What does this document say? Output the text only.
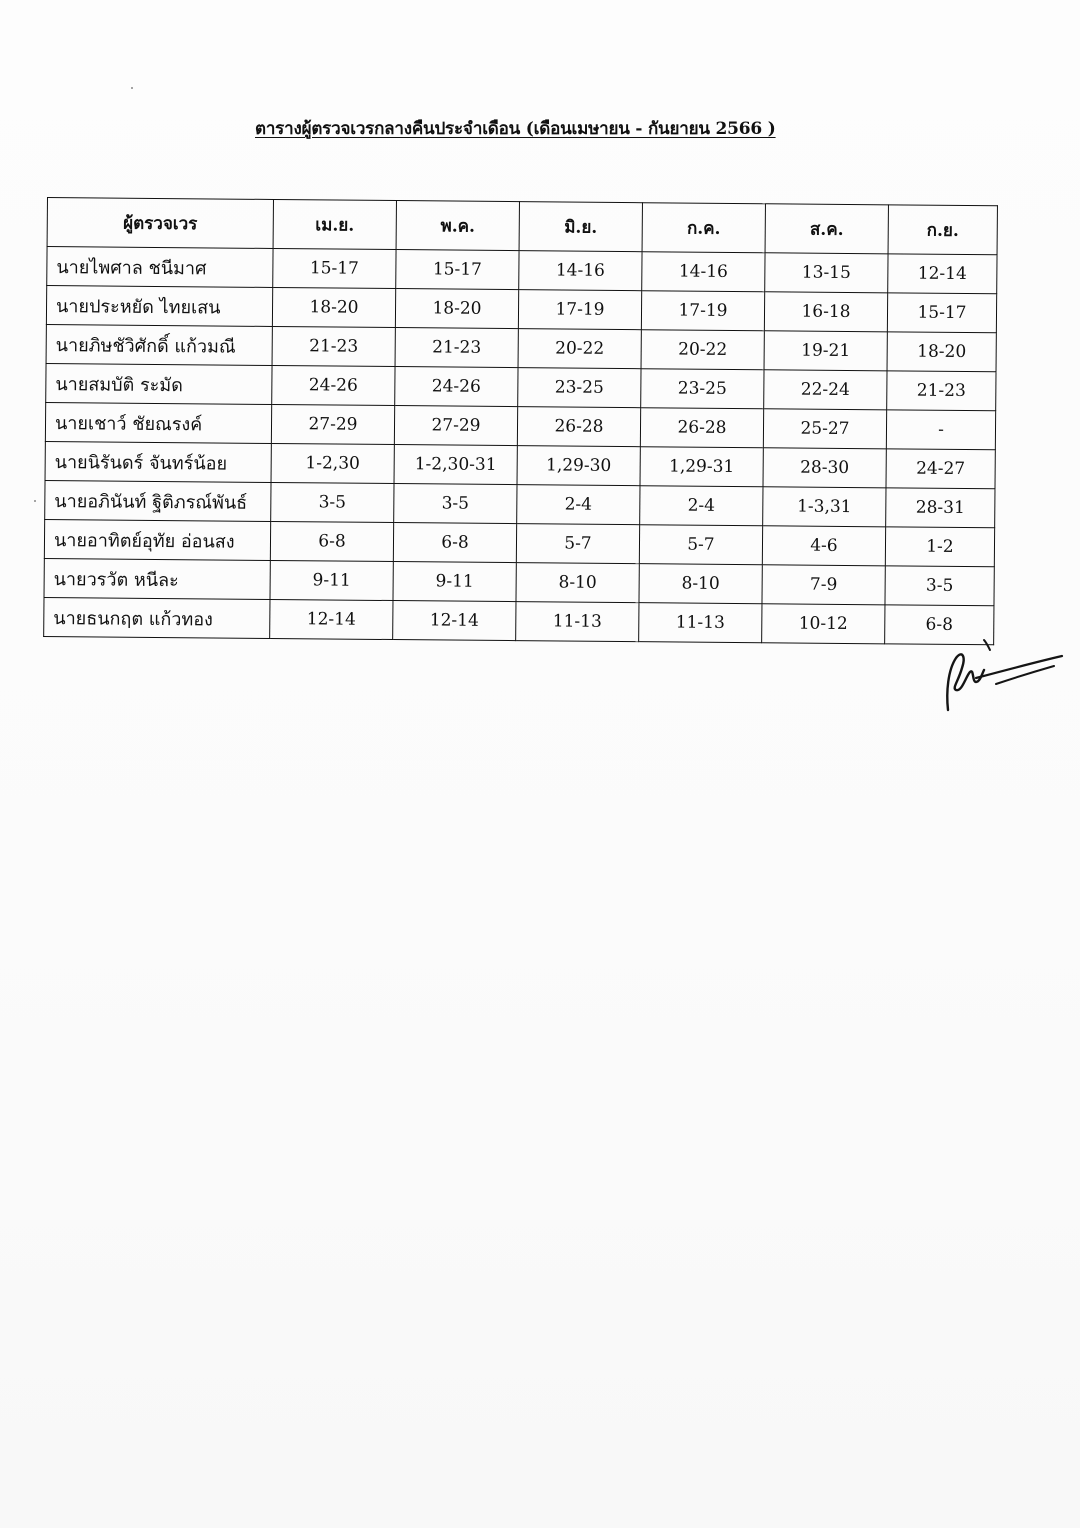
ตารางผู้ตรวจเวรกลางคืนประจำเดือน (เดือนเมษายน - กันยายน 2566 )
ผู้ตรวจเวร	เม.ย.	พ.ค.	มิ.ย.	ก.ค.	ส.ค.	ก.ย.
นายไพศาล ชนีมาศ	15-17	15-17	14-16	14-16	13-15	12-14
นายประหยัด ไทยเสน	18-20	18-20	17-19	17-19	16-18	15-17
นายภิษชัวิศักดิ์ แก้วมณี	21-23	21-23	20-22	20-22	19-21	18-20
นายสมบัติ ระมัด	24-26	24-26	23-25	23-25	22-24	21-23
นายเชาว์ ชัยณรงค์	27-29	27-29	26-28	26-28	25-27	-
นายนิรันดร์ จันทร์น้อย	1-2,30	1-2,30-31	1,29-30	1,29-31	28-30	24-27
นายอภินันท์ ฐิติภรณ์พันธ์	3-5	3-5	2-4	2-4	1-3,31	28-31
นายอาทิตย์อุทัย อ่อนสง	6-8	6-8	5-7	5-7	4-6	1-2
นายวรวัต หนีละ	9-11	9-11	8-10	8-10	7-9	3-5
นายธนกฤต แก้วทอง	12-14	12-14	11-13	11-13	10-12	6-8
